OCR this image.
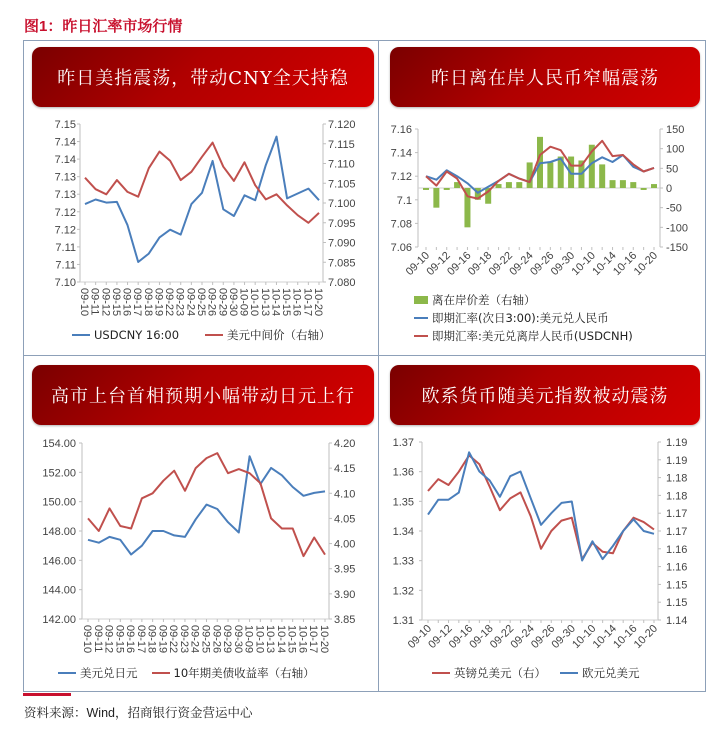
图1：昨日汇率市场行情
昨日美指震荡，带动CNY全天持稳	昨日离在岸人民币窄幅震荡
高市上台首相预期小幅带动日元上行	欧系货币随美元指数被动震荡
7.15
7.14
7.14
7.13
7.13
7.12
7.12
7.11
7.11
7.10
7.120
7.115
7.110
7.105
7.100
7.095
7.090
7.085
7.080
09-10
09-11
09-12
09-15
09-16
09-17
09-18
09-19
09-22
09-23
09-24
09-25
09-26
09-29
09-30
10-09
10-10
10-13
10-14
10-15
10-16
10-17
10-20
7.16
7.14
7.12
7.1
7.08
7.06
150
100
50
0
-50
-100
-150
09-10
09-12
09-16
09-18
09-22
09-24
09-26
09-30
10-10
10-14
10-16
10-20
154.00
152.00
150.00
148.00
146.00
144.00
142.00
4.20
4.15
4.10
4.05
4.00
3.95
3.90
3.85
09-10
09-11
09-12
09-15
09-16
09-17
09-18
09-19
09-22
09-23
09-24
09-25
09-26
09-29
09-30
10-09
10-10
10-13
10-14
10-15
10-16
10-17
10-20
1.37
1.36
1.35
1.34
1.33
1.32
1.31
1.19
1.19
1.18
1.18
1.17
1.17
1.16
1.16
1.15
1.15
1.14
09-10
09-12
09-16
09-18
09-22
09-24
09-26
09-30
10-10
10-14
10-16
10-20
USDCNY 16:00	美元中间价（右轴）
离在岸价差（右轴）
即期汇率(次日3:00):美元兑人民币
即期汇率:美元兑离岸人民币(USDCNH)
美元兑日元	10年期美债收益率（右轴）	英镑兑美元（右）	欧元兑美元
资料来源：Wind，招商银行资金营运中心
